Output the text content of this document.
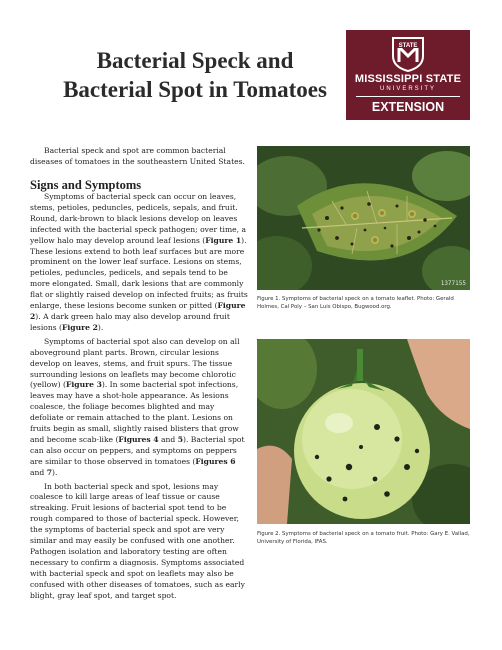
Bacterial Speck and
Bacterial Spot in Tomatoes
STATE
MISSISSIPPI STATE
UNIVERSITY
EXTENSION

Bacterial speck and spot are common bacterial diseases of tomatoes in the southeastern United States.

Signs and Symptoms

Symptoms of bacterial speck can occur on leaves, stems, petioles, peduncles, pedicels, sepals, and fruit. Round, dark-brown to black lesions develop on leaves infected with the bacterial speck pathogen; over time, a yellow halo may develop around leaf lesions (Figure 1). These lesions extend to both leaf surfaces but are more prominent on the lower leaf surface. Lesions on stems, petioles, peduncles, pedicels, and sepals tend to be more elongated. Small, dark lesions that are commonly flat or slightly raised develop on infected fruits; as fruits enlarge, these lesions become sunken or pitted (Figure 2). A dark green halo may also develop around fruit lesions (Figure 2).

Symptoms of bacterial spot also can develop on all aboveground plant parts. Brown, circular lesions develop on leaves, stems, and fruit spurs. The tissue surrounding lesions on leaflets may become chlorotic (yellow) (Figure 3). In some bacterial spot infections, leaves may have a shot-hole appearance. As lesions coalesce, the foliage becomes blighted and may defoliate or remain attached to the plant. Lesions on fruits begin as small, slightly raised blisters that grow and become scab-like (Figures 4 and 5). Bacterial spot can also occur on peppers, and symptoms on peppers are similar to those observed in tomatoes (Figures 6 and 7).

In both bacterial speck and spot, lesions may coalesce to kill large areas of leaf tissue or cause streaking. Fruit lesions of bacterial spot tend to be rough compared to those of bacterial speck. However, the symptoms of bacterial speck and spot are very similar and may easily be confused with one another. Pathogen isolation and laboratory testing are often necessary to confirm a diagnosis. Symptoms associated with bacterial speck and spot on leaflets may also be confused with other diseases of tomatoes, such as early blight, gray leaf spot, and target spot.

1377155

Figure 1. Symptoms of bacterial speck on a tomato leaflet. Photo: Gerald Holmes, Cal Poly – San Luis Obispo, Bugwood.org.

Figure 2. Symptoms of bacterial speck on a tomato fruit. Photo: Gary E. Vallad, University of Florida, IFAS.
